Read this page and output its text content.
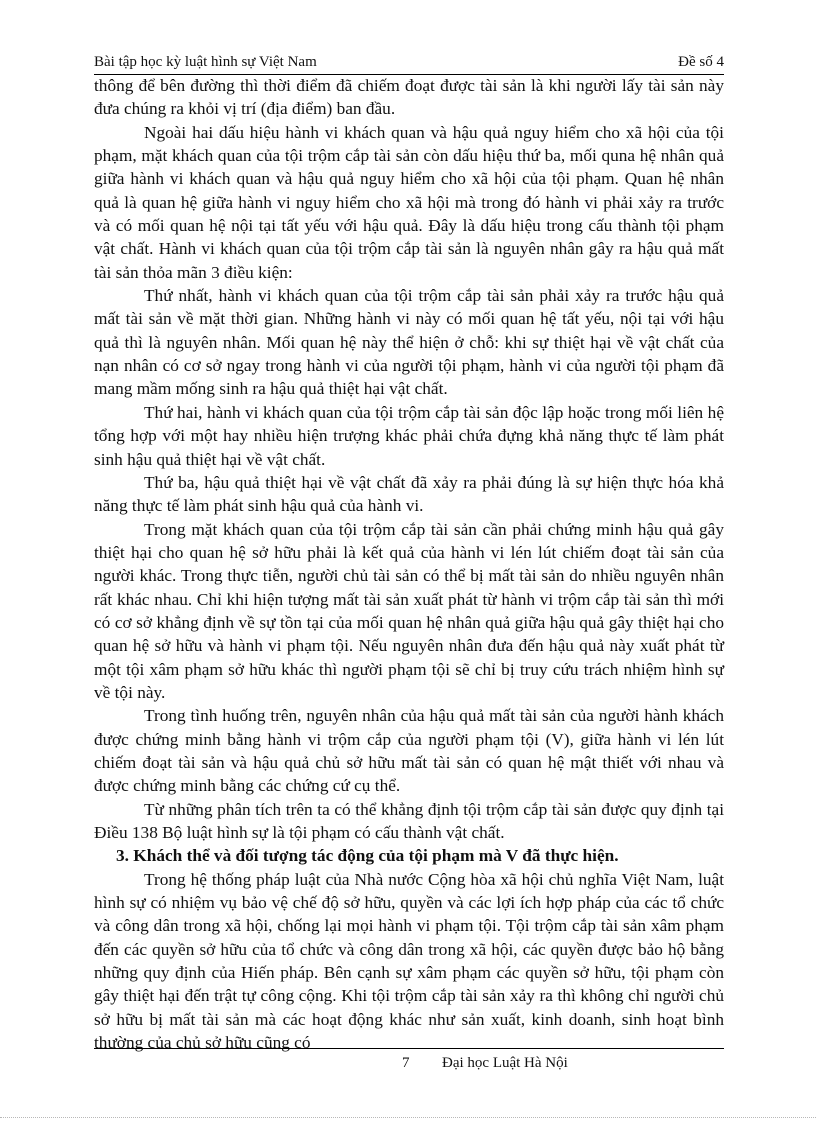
Bài tập học kỳ luật hình sự Việt Nam	Đề số 4

thông để bên đường thì thời điểm đã chiếm đoạt được tài sản là khi người lấy tài sản này đưa chúng ra khỏi vị trí (địa điểm) ban đầu.

Ngoài hai dấu hiệu hành vi khách quan và hậu quả nguy hiểm cho xã hội của tội phạm, mặt khách quan của tội trộm cắp tài sản còn dấu hiệu thứ ba, mối quna hệ nhân quả giữa hành vi khách quan và hậu quả nguy hiểm cho xã hội của tội phạm. Quan hệ nhân quả là quan hệ giữa hành vi nguy hiểm cho xã hội mà trong đó hành vi phải xảy ra trước và có mối quan hệ nội tại tất yếu với hậu quả. Đây là dấu hiệu trong cấu thành tội phạm vật chất. Hành vi khách quan của tội trộm cắp tài sản là nguyên nhân gây ra hậu quả mất tài sản thỏa mãn 3 điều kiện:

Thứ nhất, hành vi khách quan của tội trộm cắp tài sản phải xảy ra trước hậu quả mất tài sản về mặt thời gian. Những hành vi này có mối quan hệ tất yếu, nội tại với hậu quả thì là nguyên nhân. Mối quan hệ này thể hiện ở chỗ: khi sự thiệt hại về vật chất của nạn nhân có cơ sở ngay trong hành vi của người tội phạm, hành vi của người tội phạm đã mang mầm mống sinh ra hậu quả thiệt hại vật chất.

Thứ hai, hành vi khách quan của tội trộm cắp tài sản độc lập hoặc trong mối liên hệ tổng hợp với một hay nhiều hiện trượng khác phải chứa đựng khả năng thực tế làm phát sinh hậu quả thiệt hại về vật chất.

Thứ ba, hậu quả thiệt hại về vật chất đã xảy ra phải đúng là sự hiện thực hóa khả năng thực tế làm phát sinh hậu quả của hành vi.

Trong mặt khách quan của tội trộm cắp tài sản cần phải chứng minh hậu quả gây thiệt hại cho quan hệ sở hữu phải là kết quả của hành vi lén lút chiếm đoạt tài sản của người khác. Trong thực tiễn, người chủ tài sản có thể bị mất tài sản do nhiều nguyên nhân rất khác nhau. Chỉ khi hiện tượng mất tài sản xuất phát từ hành vi trộm cắp tài sản thì mới có cơ sở khẳng định về sự tồn tại của mối quan hệ nhân quả giữa hậu quả gây thiệt hại cho quan hệ sở hữu và hành vi phạm tội. Nếu nguyên nhân đưa đến hậu quả này xuất phát từ một tội xâm phạm sở hữu khác thì người phạm tội sẽ chỉ bị truy cứu trách nhiệm hình sự về tội này.

Trong tình huống trên, nguyên nhân của hậu quả mất tài sản của người hành khách được chứng minh bằng hành vi trộm cắp của người phạm tội (V), giữa hành vi lén lút chiếm đoạt tài sản và hậu quả chủ sở hữu mất tài sản có quan hệ mật thiết với nhau và được chứng minh bằng các chứng cứ cụ thể.

Từ những phân tích trên ta có thể khẳng định tội trộm cắp tài sản được quy định tại Điều 138 Bộ luật hình sự là tội phạm có cấu thành vật chất.

3. Khách thể và đối tượng tác động của tội phạm mà V đã thực hiện.

Trong hệ thống pháp luật của Nhà nước Cộng hòa xã hội chủ nghĩa Việt Nam, luật hình sự có nhiệm vụ bảo vệ chế độ sở hữu, quyền và các lợi ích hợp pháp của các tổ chức và công dân trong xã hội, chống lại mọi hành vi phạm tội. Tội trộm cắp tài sản xâm phạm đến các quyền sở hữu của tổ chức và công dân trong xã hội, các quyền được bảo hộ bằng những quy định của Hiến pháp. Bên cạnh sự xâm phạm các quyền sở hữu, tội phạm còn gây thiệt hại đến trật tự công cộng. Khi tội trộm cắp tài sản xảy ra thì không chỉ người chủ sở hữu bị mất tài sản mà các hoạt động khác như sản xuất, kinh doanh, sinh hoạt bình thường của chủ sở hữu cũng có

7 Đại học Luật Hà Nội
